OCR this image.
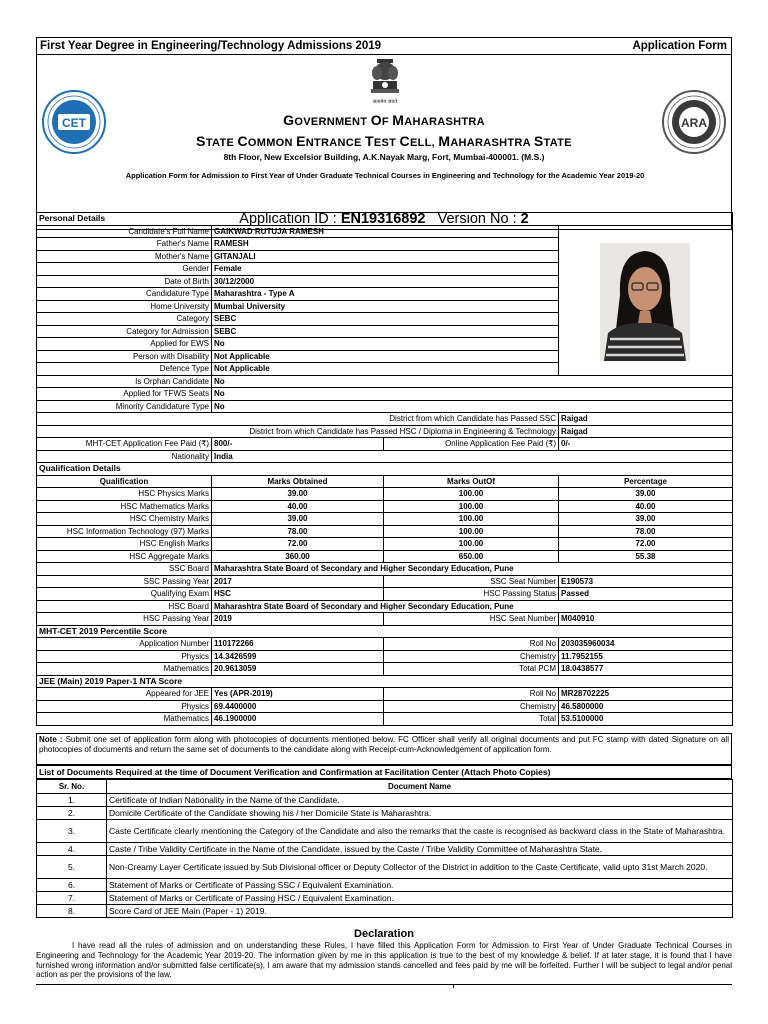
First Year Degree in Engineering/Technology Admissions 2019	Application Form
सत्यमेव जयते
CET	ARA
GOVERNMENT OF MAHARASHTRA
STATE COMMON ENTRANCE TEST CELL, MAHARASHTRA STATE
8th Floor, New Excelsior Building, A.K.Nayak Marg, Fort, Mumbai-400001. (M.S.)
Application Form for Admission to First Year of Under Graduate Technical Courses in Engineering and Technology for the Academic Year 2019-20
Application ID : EN19316892 Version No : 2
Personal Details			
Candidate's Full Name	GAIKWAD RUTUJA RAMESH		
Father's Name	RAMESH		
Mother's Name	GITANJALI		
Gender	Female		
Date of Birth	30/12/2000		
Candidature Type	Maharashtra - Type A		
Home University	Mumbai University		
Category	SEBC		
Category for Admission	SEBC		
Applied for EWS	No		
Person with Disability	Not Applicable		
Defence Type	Not Applicable		
Is Orphan Candidate	No		
Applied for TFWS Seats	No		
Minority Candidature Type	No		
District from which Candidate has Passed SSC			Raigad
District from which Candidate has Passed HSC / Diploma in Engineering & Technology			Raigad
MHT-CET Application Fee Paid (₹)	800/-	Online Application Fee Paid (₹)	0/-
Nationality	India		
Qualification Details			
Qualification	Marks Obtained	Marks OutOf	Percentage
HSC Physics Marks	39.00	100.00	39.00
HSC Mathematics Marks	40.00	100.00	40.00
HSC Chemistry Marks	39.00	100.00	39.00
HSC Information Technology (97) Marks	78.00	100.00	78.00
HSC English Marks	72.00	100.00	72.00
HSC Aggregate Marks	360.00	650.00	55.38
SSC Board	Maharashtra State Board of Secondary and Higher Secondary Education, Pune		
SSC Passing Year	2017	SSC Seat Number	E190573
Qualifying Exam	HSC	HSC Passing Status	Passed
HSC Board	Maharashtra State Board of Secondary and Higher Secondary Education, Pune		
HSC Passing Year	2019	HSC Seat Number	M040910
MHT-CET 2019 Percentile Score			
Application Number	110172266	Roll No	203035960034
Physics	14.3426599	Chemistry	11.7952155
Mathematics	20.9613059	Total PCM	18.0438577
JEE (Main) 2019 Paper-1 NTA Score			
Appeared for JEE	Yes (APR-2019)	Roll No	MR28702225
Physics	69.4400000	Chemistry	46.5800000
Mathematics	46.1900000	Total	53.5100000
Note : Submit one set of application form along with photocopies of documents mentioned below. FC Officer shall verify all original documents and put FC stamp with dated Signature on all photocopies of documents and return the same set of documents to the candidate along with Receipt-cum-Acknowledgement of application form.
List of Documents Required at the time of Document Verification and Confirmation at Facilitation Center (Attach Photo Copies)
Sr. No.	Document Name
1.	Certificate of Indian Nationality in the Name of the Candidate.
2.	Domicile Certificate of the Candidate showing his / her Domicile State is Maharashtra.
3.	Caste Certificate clearly mentioning the Category of the Candidate and also the remarks that the caste is recognised as backward class in the State of Maharashtra.
4.	Caste / Tribe Validity Certificate in the Name of the Candidate, issued by the Caste / Tribe Validity Committee of Maharashtra State.
5.	Non-Creamy Layer Certificate issued by Sub Divisional officer or Deputy Collector of the District in addition to the Caste Certificate, valid upto 31st March 2020.
6.	Statement of Marks or Certificate of Passing SSC / Equivalent Examination.
7.	Statement of Marks or Certificate of Passing HSC / Equivalent Examination.
8.	Score Card of JEE Main (Paper - 1) 2019.
Declaration
I have read all the rules of admission and on understanding these Rules, I have filled this Application Form for Admission to First Year of Under Graduate Technical Courses in Engineering and Technology for the Academic Year 2019-20. The information given by me in this application is true to the best of my knowledge & belief. If at later stage, it is found that I have furnished wrong information and/or submitted false certificate(s), I am aware that my admission stands cancelled and fees paid by me will be forfeited. Further I will be subject to legal and/or penal action as per the provisions of the law.
